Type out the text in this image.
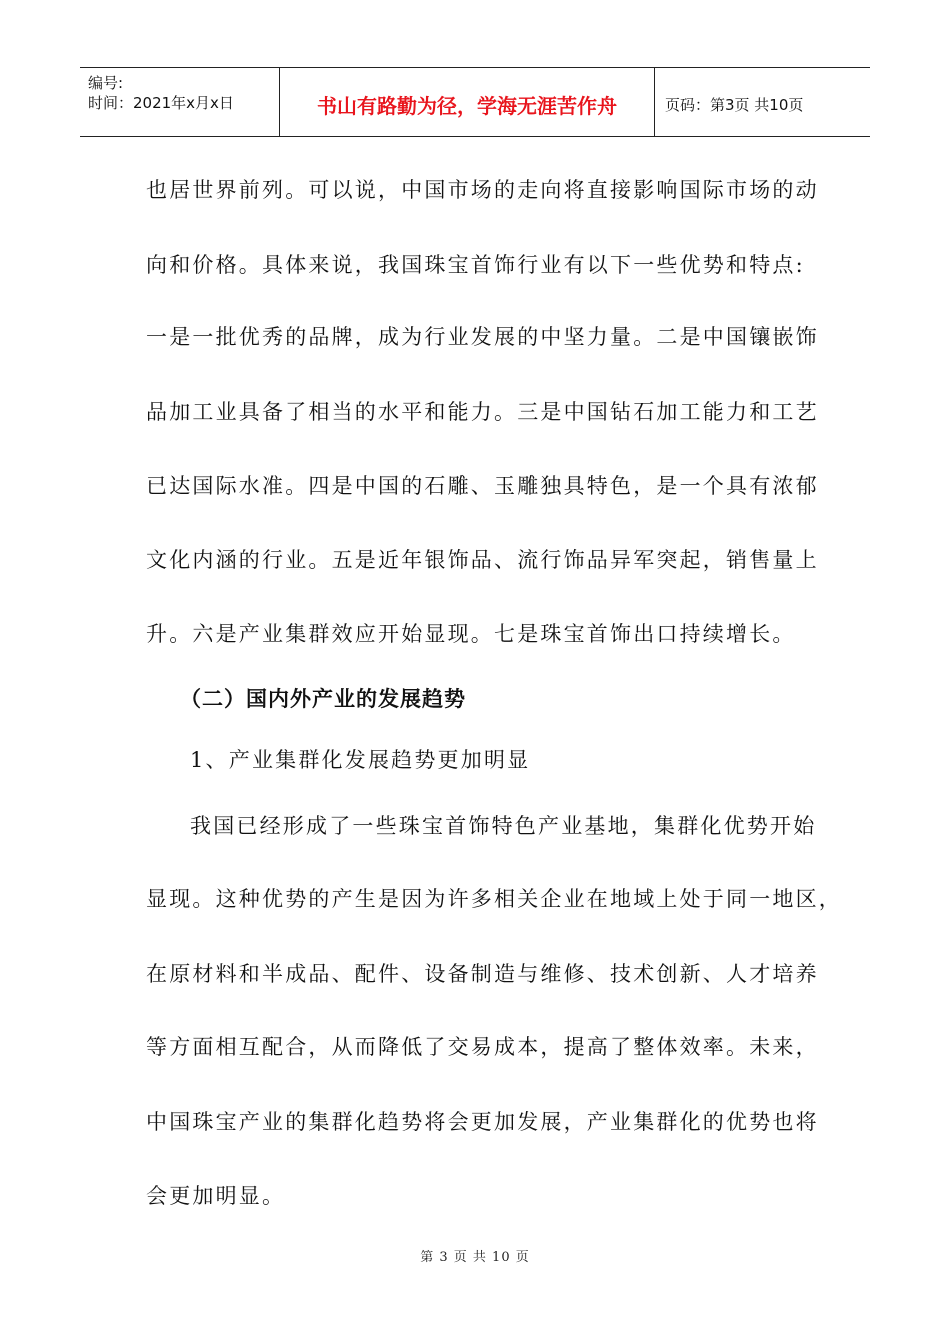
编号:
时间：2021年x月x日	书山有路勤为径，学海无涯苦作舟	页码：第3页 共10页
也居世界前列。可以说，中国市场的走向将直接影响国际市场的动
向和价格。具体来说，我国珠宝首饰行业有以下一些优势和特点:
一是一批优秀的品牌，成为行业发展的中坚力量。二是中国镶嵌饰
品加工业具备了相当的水平和能力。三是中国钻石加工能力和工艺
已达国际水准。四是中国的石雕、玉雕独具特色，是一个具有浓郁
文化内涵的行业。五是近年银饰品、流行饰品异军突起，销售量上
升。六是产业集群效应开始显现。七是珠宝首饰出口持续增长。
（二）国内外产业的发展趋势
1、产业集群化发展趋势更加明显
我国已经形成了一些珠宝首饰特色产业基地，集群化优势开始
显现。这种优势的产生是因为许多相关企业在地域上处于同一地区，
在原材料和半成品、配件、设备制造与维修、技术创新、人才培养
等方面相互配合，从而降低了交易成本，提高了整体效率。未来，
中国珠宝产业的集群化趋势将会更加发展，产业集群化的优势也将
会更加明显。
第 3 页 共 10 页
